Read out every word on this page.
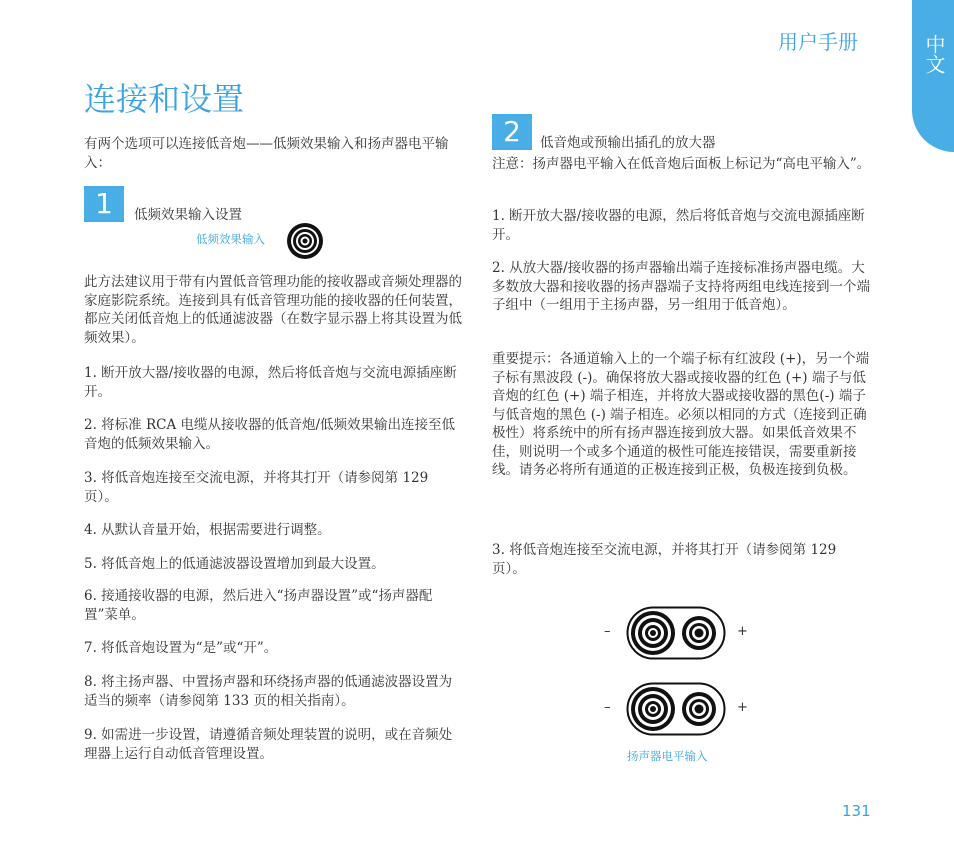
用户手册	中文
连接和设置
有两个选项可以连接低音炮——低频效果输入和扬声器电平输入：
1	低频效果输入设置
低频效果输入
此方法建议用于带有内置低音管理功能的接收器或音频处理器的家庭影院系统。连接到具有低音管理功能的接收器的任何装置，都应关闭低音炮上的低通滤波器（在数字显示器上将其设置为低频效果）。
1. 断开放大器/接收器的电源，然后将低音炮与交流电源插座断开。
2. 将标准 RCA 电缆从接收器的低音炮/低频效果输出连接至低音炮的低频效果输入。
3. 将低音炮连接至交流电源，并将其打开（请参阅第 129 页）。
4. 从默认音量开始，根据需要进行调整。
5. 将低音炮上的低通滤波器设置增加到最大设置。
6. 接通接收器的电源，然后进入“扬声器设置”或“扬声器配置”菜单。
7. 将低音炮设置为“是”或“开”。
8. 将主扬声器、中置扬声器和环绕扬声器的低通滤波器设置为适当的频率（请参阅第 133 页的相关指南）。
9. 如需进一步设置，请遵循音频处理装置的说明，或在音频处理器上运行自动低音管理设置。
2	低音炮或预输出插孔的放大器
注意：扬声器电平输入在低音炮后面板上标记为“高电平输入”。
1. 断开放大器/接收器的电源，然后将低音炮与交流电源插座断开。
2. 从放大器/接收器的扬声器输出端子连接标准扬声器电缆。大多数放大器和接收器的扬声器端子支持将两组电线连接到一个端子组中（一组用于主扬声器，另一组用于低音炮）。
重要提示：各通道输入上的一个端子标有红波段 (+)，另一个端子标有黑波段 (-)。确保将放大器或接收器的红色 (+) 端子与低音炮的红色 (+) 端子相连，并将放大器或接收器的黑色(-) 端子与低音炮的黑色 (-) 端子相连。必须以相同的方式（连接到正确极性）将系统中的所有扬声器连接到放大器。如果低音效果不佳，则说明一个或多个通道的极性可能连接错误，需要重新接线。请务必将所有通道的正极连接到正极，负极连接到负极。
3. 将低音炮连接至交流电源，并将其打开（请参阅第 129 页）。
–	+
–	+
扬声器电平输入
131
